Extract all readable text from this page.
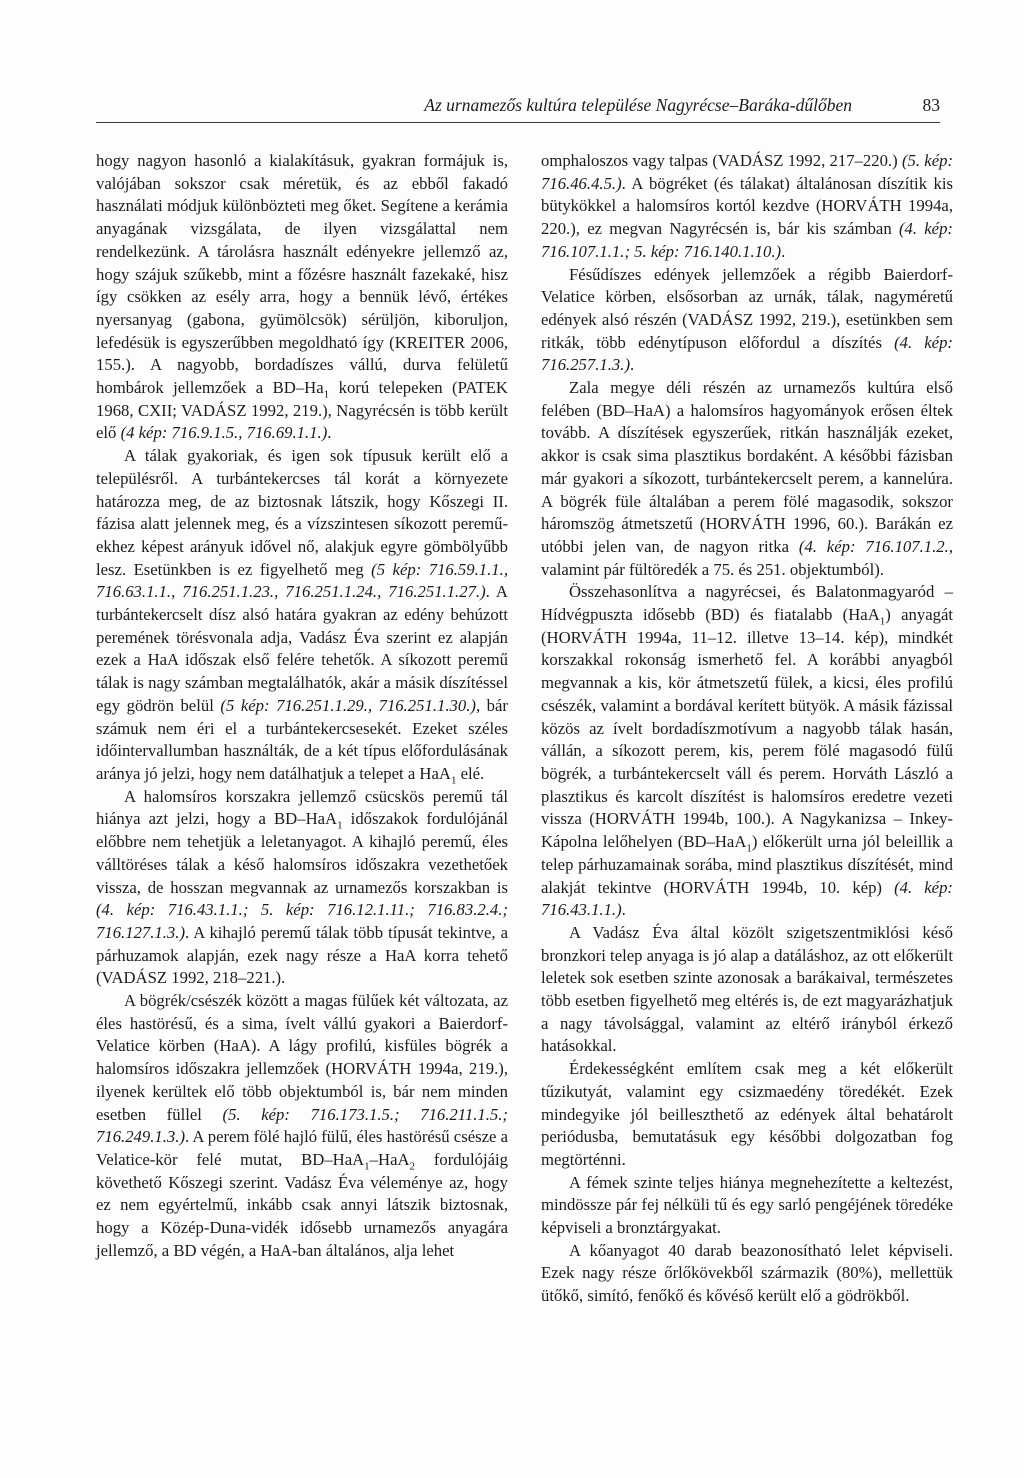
Az urnamezős kultúra települése Nagyrécse–Baráka-dűlőben	83

hogy nagyon hasonló a kialakításuk, gyakran formájuk is, valójában sokszor csak méretük, és az ebből fakadó használati módjuk különbözteti meg őket. Segítene a kerámia anyagának vizsgálata, de ilyen vizsgálattal nem rendelkezünk. A tárolásra használt edényekre jellemző az, hogy szájuk szűkebb, mint a főzésre használt fazekaké, hisz így csökken az esély arra, hogy a bennük lévő, értékes nyersanyag (gabona, gyümölcsök) sérüljön, kiboruljon, lefedésük is egyszerűbben megoldható így (KREITER 2006, 155.). A nagyobb, bordadíszes vállú, durva felületű hombárok jellemzőek a $BD-Ha_1$ korú telepeken (PATEK 1968, CXII; VADÁSZ 1992, 219.), Nagyrécsén is több került elő (4 kép: 716.9.1.5., 716.69.1.1.).

A tálak gyakoriak, és igen sok típusuk került elő a településről. A turbántekercses tál korát a környezete határozza meg, de az biztosnak látszik, hogy Kőszegi II. fázisa alatt jelennek meg, és a vízszintesen síkozott pereműekhez képest arányuk idővel nő, alakjuk egyre gömbölyűbb lesz. Esetünkben is ez figyelhető meg (5 kép: 716.59.1.1., 716.63.1.1., 716.251.1.23., 716.251.1.24., 716.251.1.27.). A turbántekercselt dísz alsó határa gyakran az edény behúzott peremének törésvonala adja, Vadász Éva szerint ez alapján ezek a HaA időszak első felére tehetők. A síkozott peremű tálak is nagy számban megtalálhatók, akár a másik díszítéssel egy gödrön belül (5 kép: 716.251.1.29., 716.251.1.30.), bár számuk nem éri el a turbántekercsesekét. Ezeket széles időintervallumban használták, de a két típus előfordulásának aránya jó jelzi, hogy nem datálhatjuk a telepet a HaA$_1$ elé.

A halomsíros korszakra jellemző csücskös peremű tál hiánya azt jelzi, hogy a BD–HaA$_1$ időszakok fordulójánál előbbre nem tehetjük a leletanyagot. A kihajló peremű, éles válltöréses tálak a késő halomsíros időszakra vezethetőek vissza, de hosszan megvannak az urnamezős korszakban is (4. kép: 716.43.1.1.; 5. kép: 716.12.1.11.; 716.83.2.4.; 716.127.1.3.). A kihajló peremű tálak több típusát tekintve, a párhuzamok alapján, ezek nagy része a HaA korra tehető (VADÁSZ 1992, 218–221.).

A bögrék/csészék között a magas fülűek két változata, az éles hastörésű, és a sima, ívelt vállú gyakori a Baierdorf-Velatice körben (HaA). A lágy profilú, kisfüles bögrék a halomsíros időszakra jellemzőek (HORVÁTH 1994a, 219.), ilyenek kerültek elő több objektumból is, bár nem minden esetben füllel (5. kép: 716.173.1.5.; 716.211.1.5.; 716.249.1.3.). A perem fölé hajló fülű, éles hastörésű csésze a Velatice-kör felé mutat, BD–HaA$_1$–HaA$_2$ fordulójáig követhető Kőszegi szerint. Vadász Éva véleménye az, hogy ez nem egyértelmű, inkább csak annyi látszik biztosnak, hogy a Közép-Duna-vidék idősebb urnamezős anyagára jellemző, a BD végén, a HaA-ban általános, alja lehet

omphaloszos vagy talpas (VADÁSZ 1992, 217–220.) (5. kép: 716.46.4.5.). A bögréket (és tálakat) általánosan díszítik kis bütykökkel a halomsíros kortól kezdve (HORVÁTH 1994a, 220.), ez megvan Nagyrécsén is, bár kis számban (4. kép: 716.107.1.1.; 5. kép: 716.140.1.10.).

Fésűdíszes edények jellemzőek a régibb Baierdorf-Velatice körben, elsősorban az urnák, tálak, nagyméretű edények alsó részén (VADÁSZ 1992, 219.), esetünkben sem ritkák, több edénytípuson előfordul a díszítés (4. kép: 716.257.1.3.).

Zala megye déli részén az urnamezős kultúra első felében (BD–HaA) a halomsíros hagyományok erősen éltek tovább. A díszítések egyszerűek, ritkán használják ezeket, akkor is csak sima plasztikus bordaként. A későbbi fázisban már gyakori a síkozott, turbántekercselt perem, a kannelúra. A bögrék füle általában a perem fölé magasodik, sokszor háromszög átmetszetű (HORVÁTH 1996, 60.). Barákán ez utóbbi jelen van, de nagyon ritka (4. kép: 716.107.1.2., valamint pár fültöredék a 75. és 251. objektumból).

Összehasonlítva a nagyrécsei, és Balatonmagyaród – Hídvégpuszta idősebb (BD) és fiatalabb (HaA$_1$) anyagát (HORVÁTH 1994a, 11–12. illetve 13–14. kép), mindkét korszakkal rokonság ismerhető fel. A korábbi anyagból megvannak a kis, kör átmetszetű fülek, a kicsi, éles profilú csészék, valamint a bordával kerített bütyök. A másik fázissal közös az ívelt bordadíszmotívum a nagyobb tálak hasán, vállán, a síkozott perem, kis, perem fölé magasodó fülű bögrék, a turbántekercselt váll és perem. Horváth László a plasztikus és karcolt díszítést is halomsíros eredetre vezeti vissza (HORVÁTH 1994b, 100.). A Nagykanizsa – Inkey-Kápolna lelőhelyen (BD–HaA$_1$) előkerült urna jól beleillik a telep párhuzamainak sorába, mind plasztikus díszítését, mind alakját tekintve (HORVÁTH 1994b, 10. kép) (4. kép: 716.43.1.1.).

A Vadász Éva által közölt szigetszentmiklósi késő bronzkori telep anyaga is jó alap a datáláshoz, az ott előkerült leletek sok esetben szinte azonosak a barákaival, természetes több esetben figyelhető meg eltérés is, de ezt magyarázhatjuk a nagy távolsággal, valamint az eltérő irányból érkező hatásokkal.

Érdekességként említem csak meg a két előkerült tűzikutyát, valamint egy csizmaedény töredékét. Ezek mindegyike jól beilleszthető az edények által behatárolt periódusba, bemutatásuk egy későbbi dolgozatban fog megtörténni.

A fémek szinte teljes hiánya megnehezítette a keltezést, mindössze pár fej nélküli tű és egy sarló pengéjének töredéke képviseli a bronztárgyakat.

A kőanyagot 40 darab beazonosítható lelet képviseli. Ezek nagy része őrlőkövekből származik (80%), mellettük ütőkő, simító, fenőkő és kővéső került elő a gödrökből.
